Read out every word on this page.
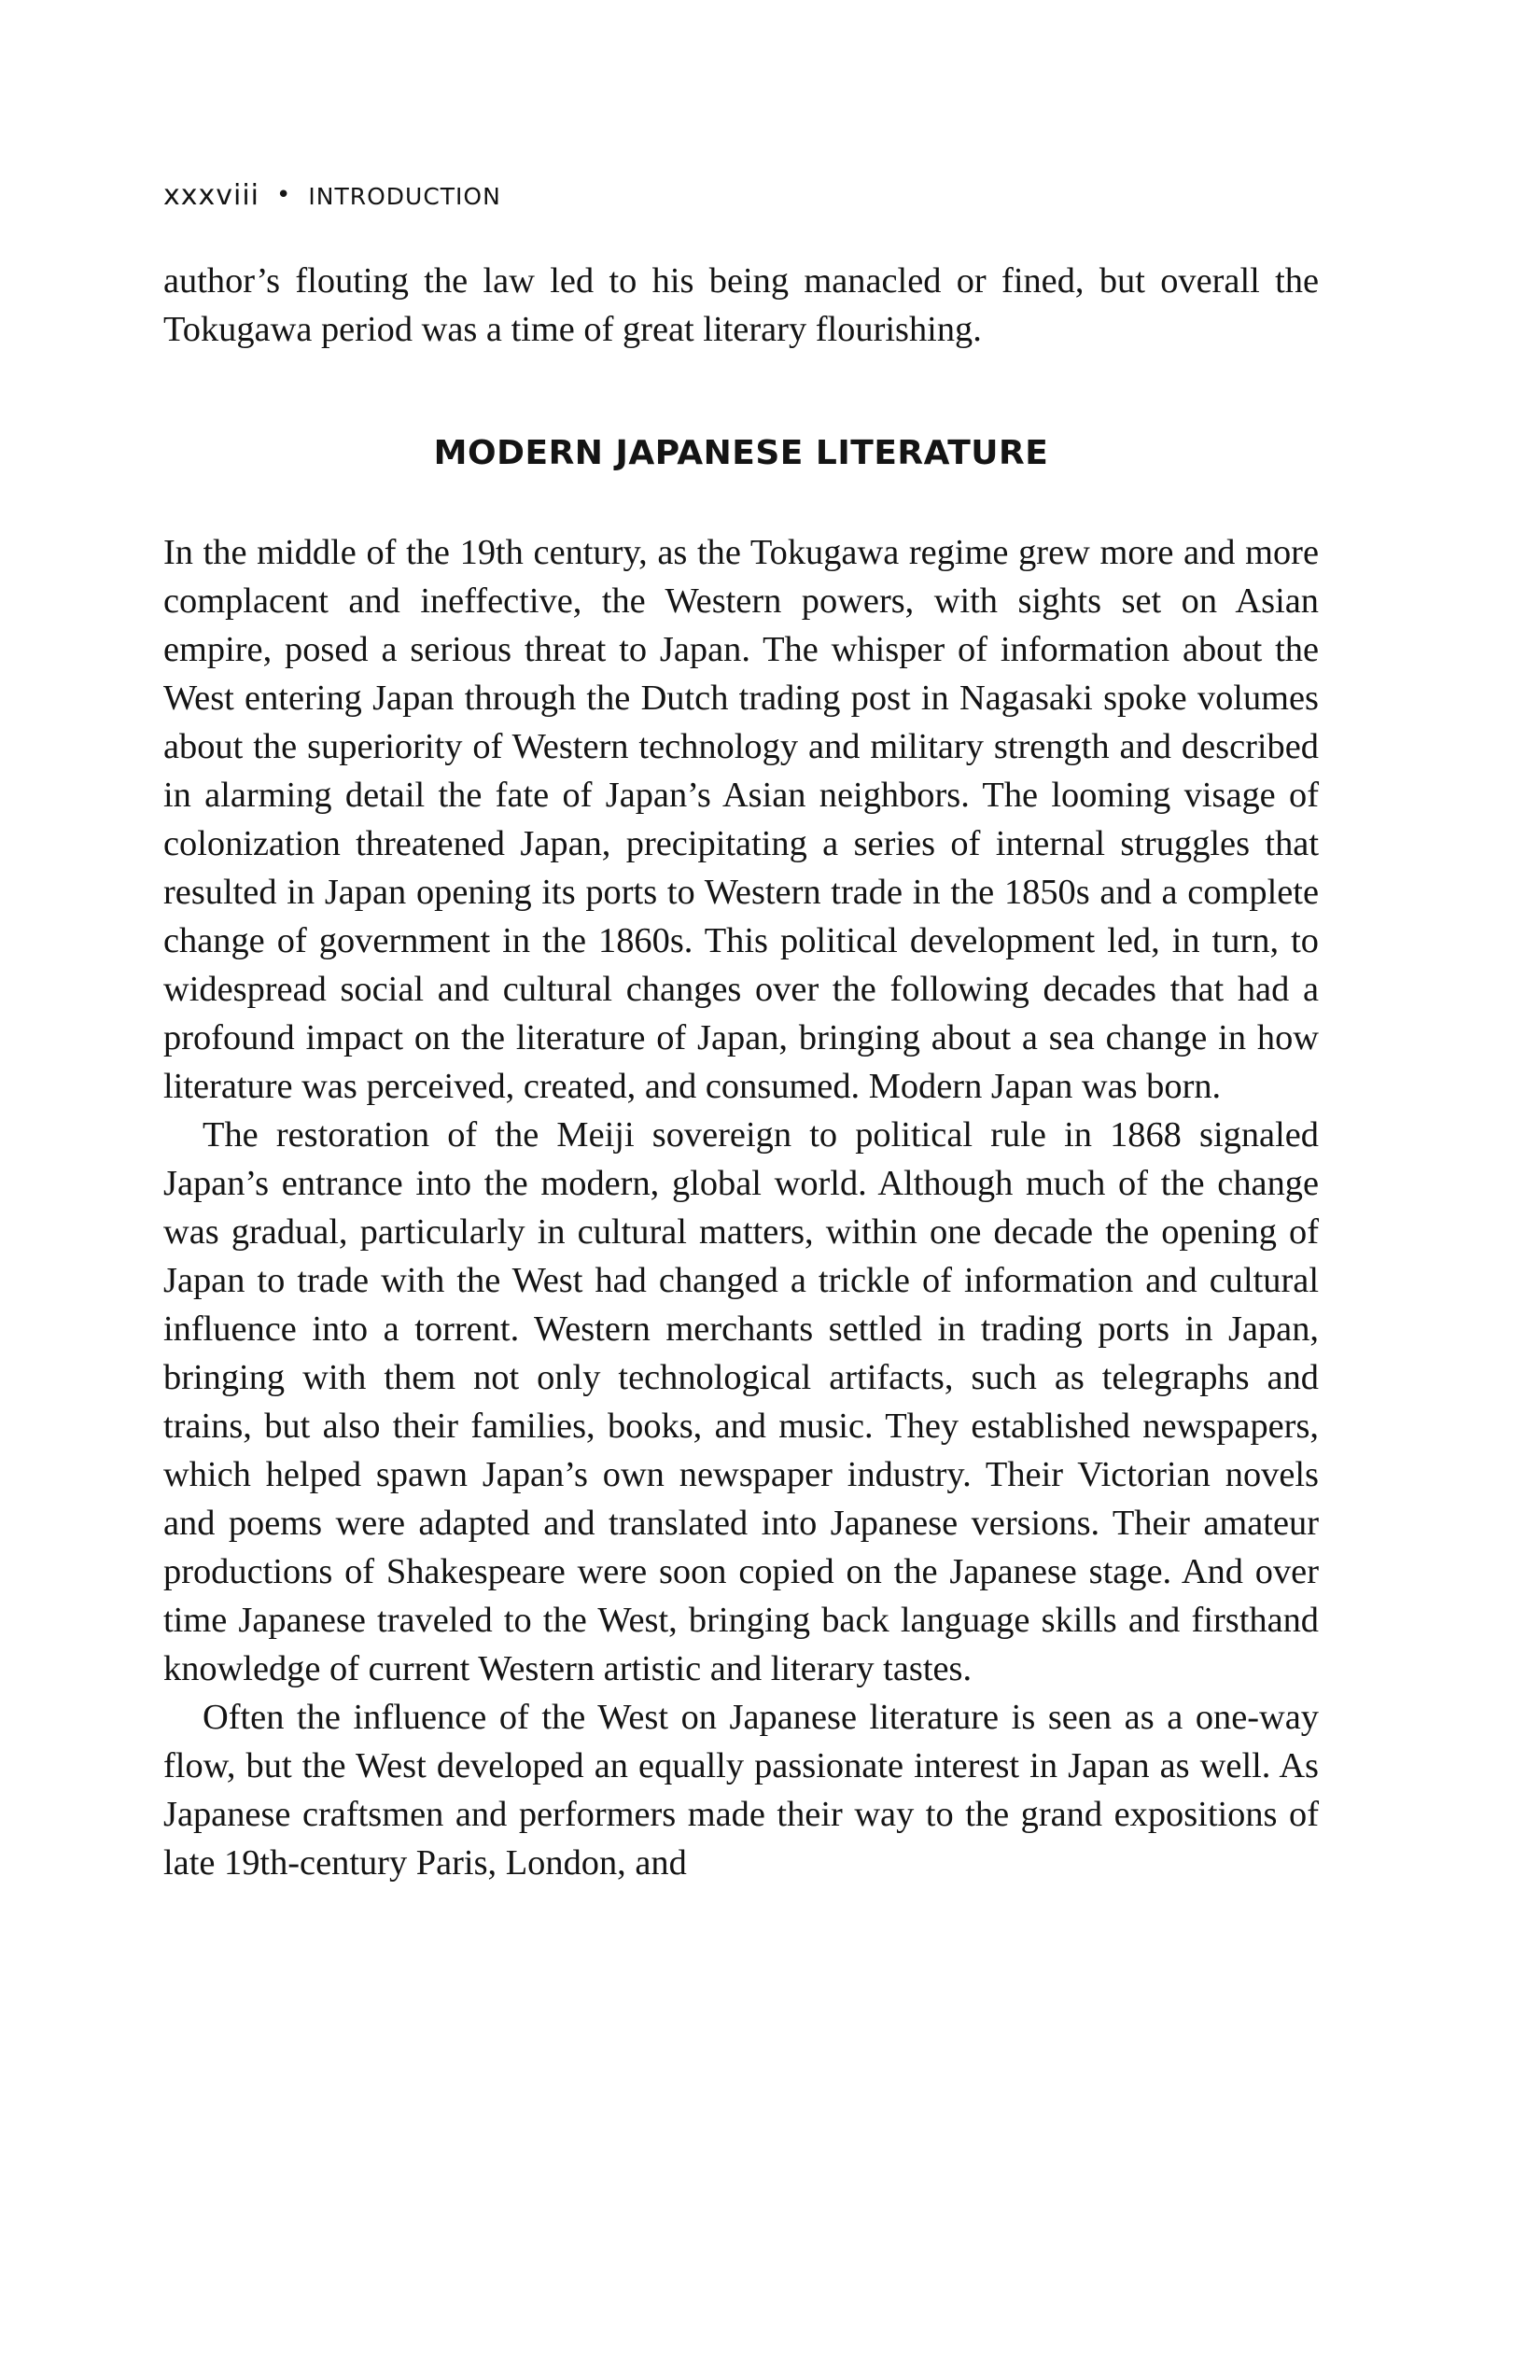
xxxviii • INTRODUCTION

author’s flouting the law led to his being manacled or fined, but overall the Tokugawa period was a time of great literary flourishing.

MODERN JAPANESE LITERATURE

In the middle of the 19th century, as the Tokugawa regime grew more and more complacent and ineffective, the Western powers, with sights set on Asian empire, posed a serious threat to Japan. The whisper of information about the West entering Japan through the Dutch trading post in Nagasaki spoke volumes about the superiority of Western technology and military strength and described in alarming detail the fate of Japan’s Asian neighbors. The looming visage of colonization threatened Japan, precipitating a series of internal struggles that resulted in Japan opening its ports to Western trade in the 1850s and a complete change of government in the 1860s. This political development led, in turn, to widespread social and cultural changes over the following decades that had a profound impact on the literature of Japan, bringing about a sea change in how literature was perceived, created, and consumed. Modern Japan was born.

The restoration of the Meiji sovereign to political rule in 1868 signaled Japan’s entrance into the modern, global world. Although much of the change was gradual, particularly in cultural matters, within one decade the opening of Japan to trade with the West had changed a trickle of information and cultural influence into a torrent. Western merchants settled in trading ports in Japan, bringing with them not only technological artifacts, such as telegraphs and trains, but also their families, books, and music. They established newspapers, which helped spawn Japan’s own newspaper industry. Their Victorian novels and poems were adapted and translated into Japanese versions. Their amateur productions of Shakespeare were soon copied on the Japanese stage. And over time Japanese traveled to the West, bringing back language skills and firsthand knowledge of current Western artistic and literary tastes.

Often the influence of the West on Japanese literature is seen as a one-way flow, but the West developed an equally passionate interest in Japan as well. As Japanese craftsmen and performers made their way to the grand expositions of late 19th-century Paris, London, and
